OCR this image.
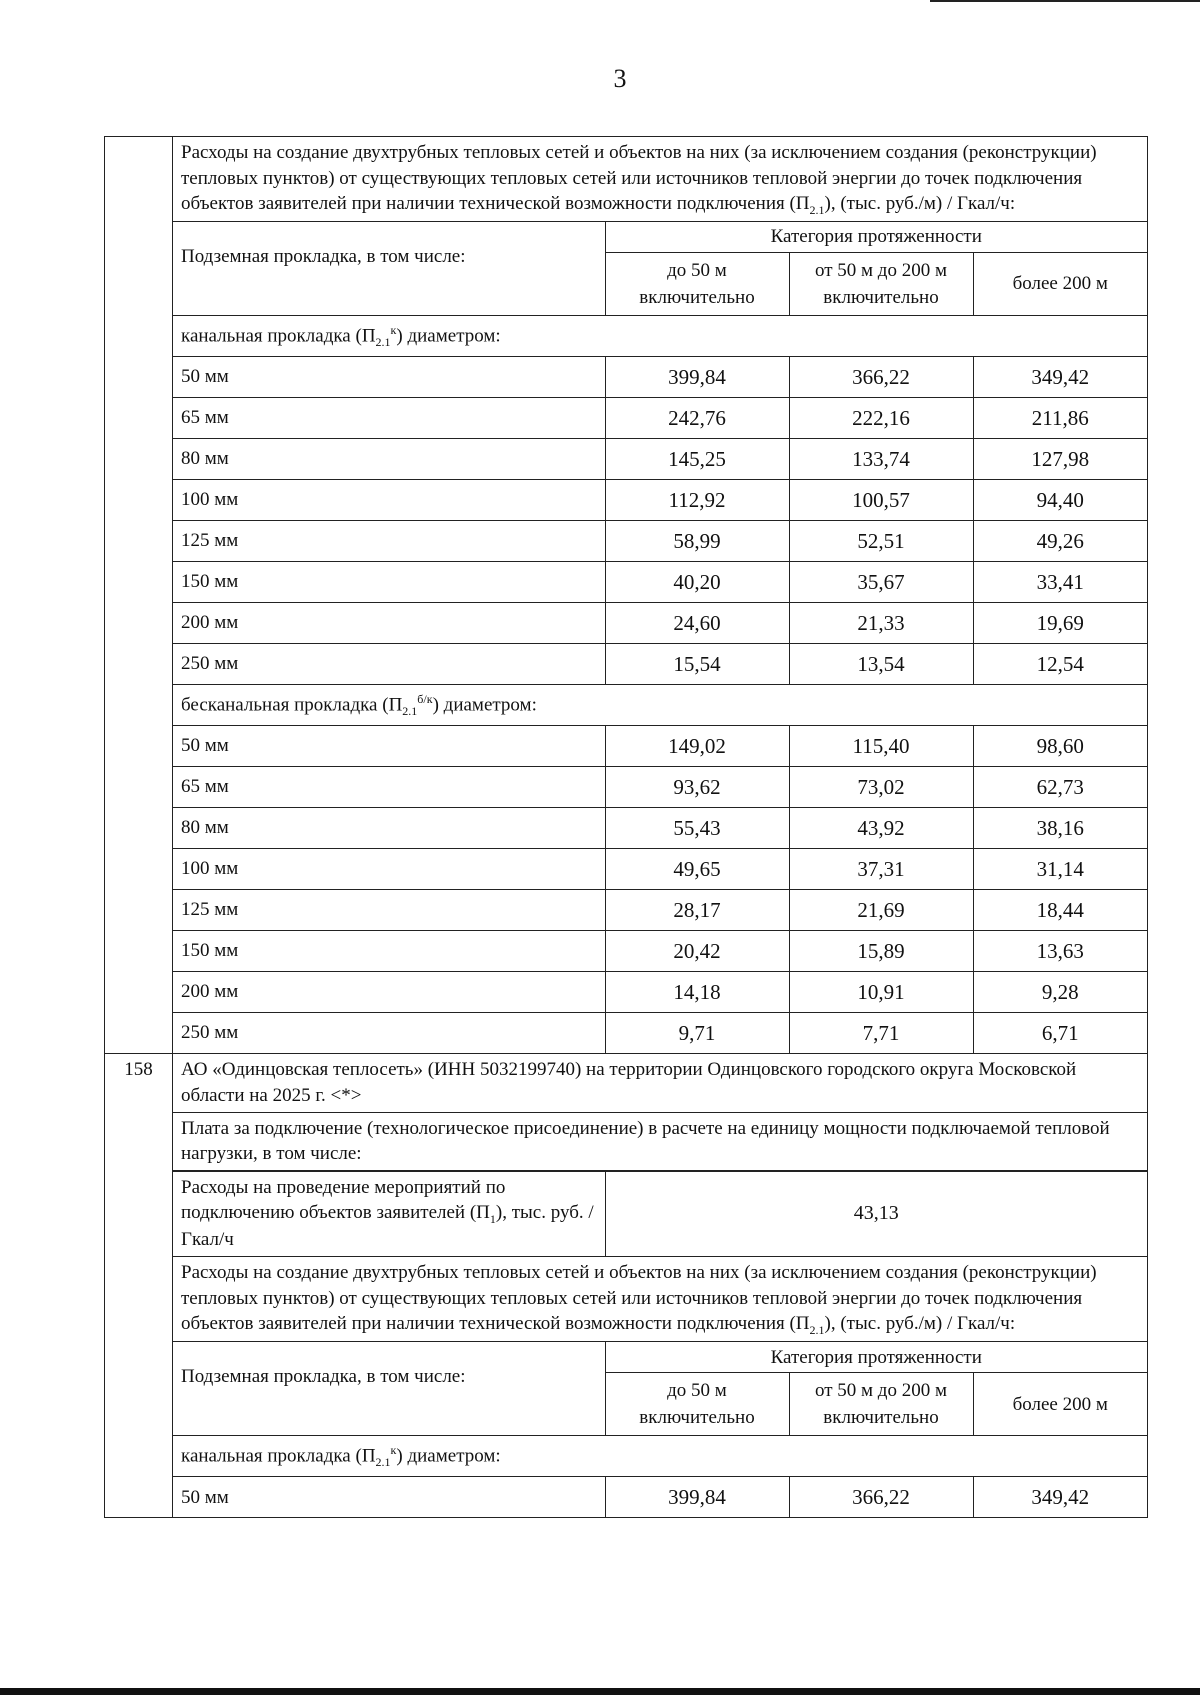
3

Расходы на создание двухтрубных тепловых сетей и объектов на них (за исключением создания (реконструкции) тепловых пунктов) от существующих тепловых сетей или источников тепловой энергии до точек подключения объектов заявителей при наличии технической возможности подключения $(П_{2.1})$, (тыс. руб./м) / Гкал/ч:
Подземная прокладка, в том числе:	Категория протяженности
до 50 м включительно	от 50 м до 200 м включительно	более 200 м
канальная прокладка $(П_{2.1}^к)$ диаметром:
50 мм	399,84	366,22	349,42
65 мм	242,76	222,16	211,86
80 мм	145,25	133,74	127,98
100 мм	112,92	100,57	94,40
125 мм	58,99	52,51	49,26
150 мм	40,20	35,67	33,41
200 мм	24,60	21,33	19,69
250 мм	15,54	13,54	12,54
бесканальная прокладка $(П_{2.1}^{б/к})$ диаметром:
50 мм	149,02	115,40	98,60
65 мм	93,62	73,02	62,73
80 мм	55,43	43,92	38,16
100 мм	49,65	37,31	31,14
125 мм	28,17	21,69	18,44
150 мм	20,42	15,89	13,63
200 мм	14,18	10,91	9,28
250 мм	9,71	7,71	6,71

158	АО «Одинцовская теплосеть» (ИНН 5032199740) на территории Одинцовского городского округа Московской области на 2025 г. <*>
Плата за подключение (технологическое присоединение) в расчете на единицу мощности подключаемой тепловой нагрузки, в том числе:
Расходы на проведение мероприятий по подключению объектов заявителей $(П_1)$, тыс. руб. / Гкал/ч	43,13
Расходы на создание двухтрубных тепловых сетей и объектов на них (за исключением создания (реконструкции) тепловых пунктов) от существующих тепловых сетей или источников тепловой энергии до точек подключения объектов заявителей при наличии технической возможности подключения $(П_{2.1})$, (тыс. руб./м) / Гкал/ч:
Подземная прокладка, в том числе:	Категория протяженности
до 50 м включительно	от 50 м до 200 м включительно	более 200 м
канальная прокладка $(П_{2.1}^к)$ диаметром:
50 мм	399,84	366,22	349,42
